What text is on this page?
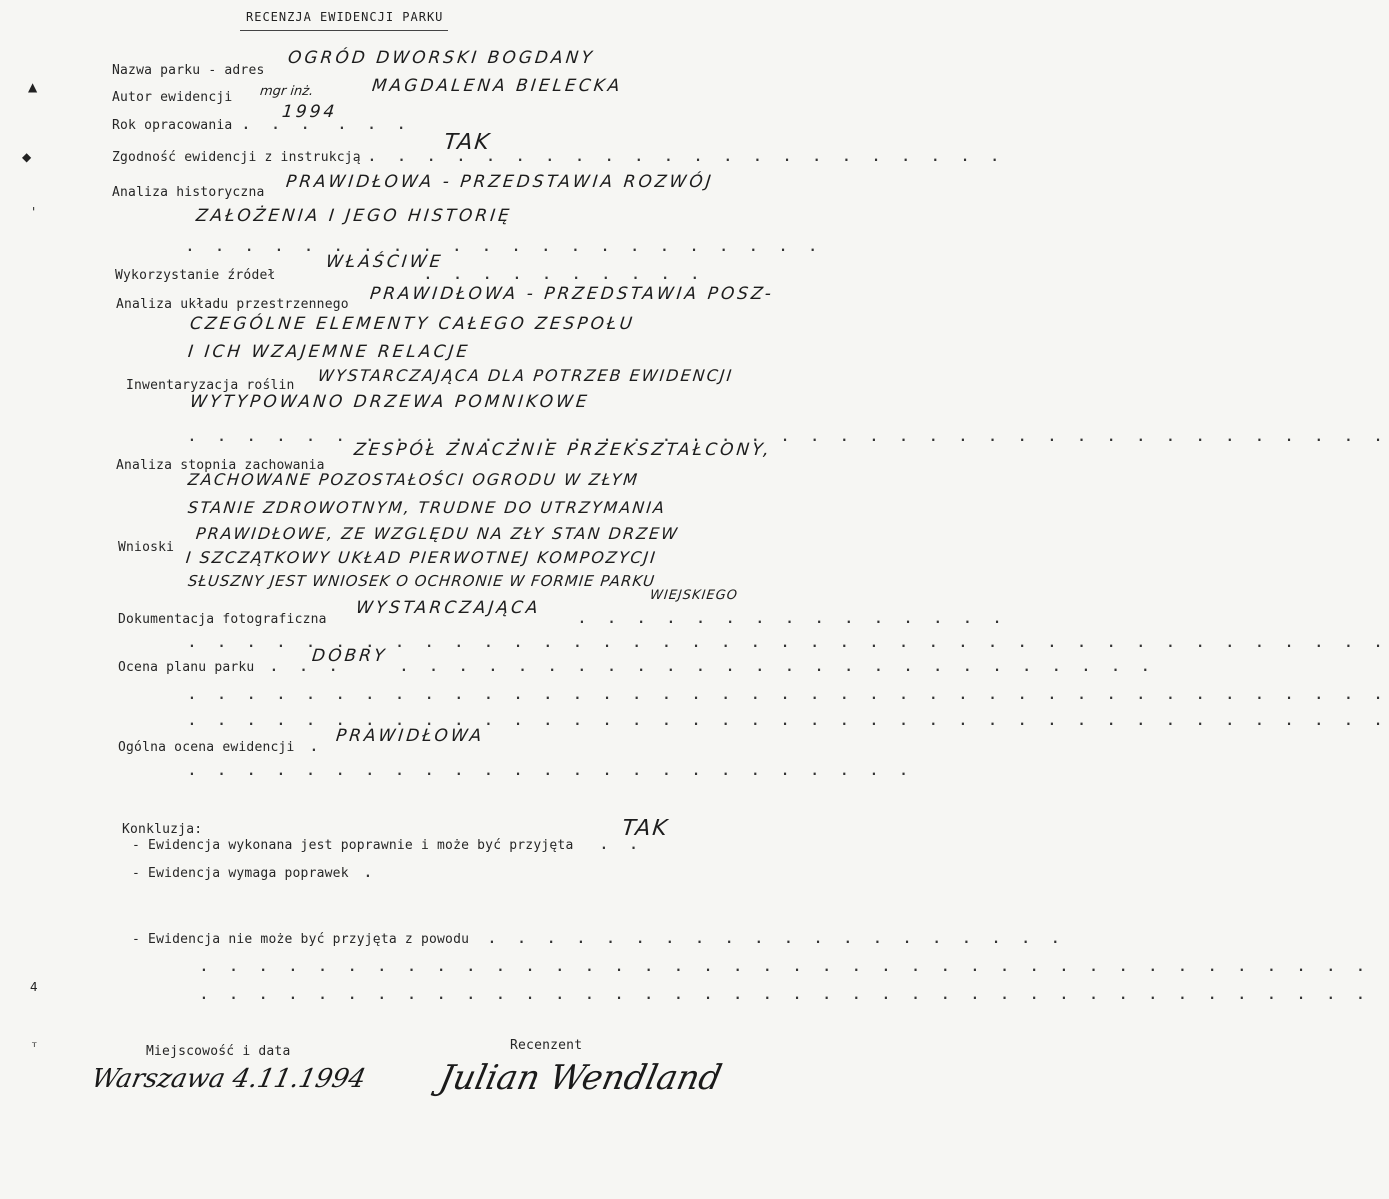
RECENZJA EWIDENCJI PARKU
▲
◆
'
4
ᵀ
Nazwa parku - adres
OGRÓD DWORSKI BOGDANY
Autor ewidencji mgr inż.	MAGDALENA BIELECKA
Rok opracowania . . .
1994
. . .
Zgodność ewidencji z instrukcją . . . . . . . . . . . . . . . . . . . . . .
TAK
Analiza historyczna
PRAWIDŁOWA - PRZEDSTAWIA ROZWÓJ
ZAŁOŻENIA I JEGO HISTORIĘ
. . . . . . . . . . . . . . . . . . . . . .
Wykorzystanie źródeł
WŁAŚCIWE
. . . . . . . . . .
Analiza układu przestrzennego
PRAWIDŁOWA - PRZEDSTAWIA POSZ-
CZEGÓLNE ELEMENTY CAŁEGO ZESPOŁU
I ICH WZAJEMNE RELACJE
Inwentaryzacja roślin
WYSTARCZAJĄCA DLA POTRZEB EWIDENCJI
WYTYPOWANO DRZEWA POMNIKOWE
. . . . . . . . . . . . . . . . . . . . . . . . . . . . . . . . . . . . . . . . .
Analiza stopnia zachowania
ZESPÓŁ ZNACZNIE PRZEKSZTAŁCONY,
ZACHOWANE POZOSTAŁOŚCI OGRODU W ZŁYM
STANIE ZDROWOTNYM, TRUDNE DO UTRZYMANIA
Wnioski
PRAWIDŁOWE, ZE WZGLĘDU NA ZŁY STAN DRZEW
I SZCZĄTKOWY UKŁAD PIERWOTNEJ KOMPOZYCJI
SŁUSZNY JEST WNIOSEK O OCHRONIE W FORMIE PARKU
WIEJSKIEGO
Dokumentacja fotograficzna
WYSTARCZAJĄCA
. . . . . . . . . . . . . . .
. . . . . . . . . . . . . . . . . . . . . . . . . . . . . . . . . . . . . . . . .
Ocena planu parku . . .
DOBRY
. . . . . . . . . . . . . . . . . . . . . . . . . .
. . . . . . . . . . . . . . . . . . . . . . . . . . . . . . . . . . . . . . . . .
. . . . . . . . . . . . . . . . . . . . . . . . . . . . . . . . . . . . . . . . .
Ogólna ocena ewidencji .
PRAWIDŁOWA
. . . . . . . . . . . . . . . . . . . . . . . . .
Konkluzja:
- Ewidencja wykonana jest poprawnie i może być przyjęta . .
TAK
- Ewidencja wymaga poprawek .
- Ewidencja nie może być przyjęta z powodu . . . . . . . . . . . . . . . . . . . .
. . . . . . . . . . . . . . . . . . . . . . . . . . . . . . . . . . . . . . . .
. . . . . . . . . . . . . . . . . . . . . . . . . . . . . . . . . . . . . . . .
Miejscowość i data
Warszawa 4.11.1994
Recenzent
Julian Wendland
